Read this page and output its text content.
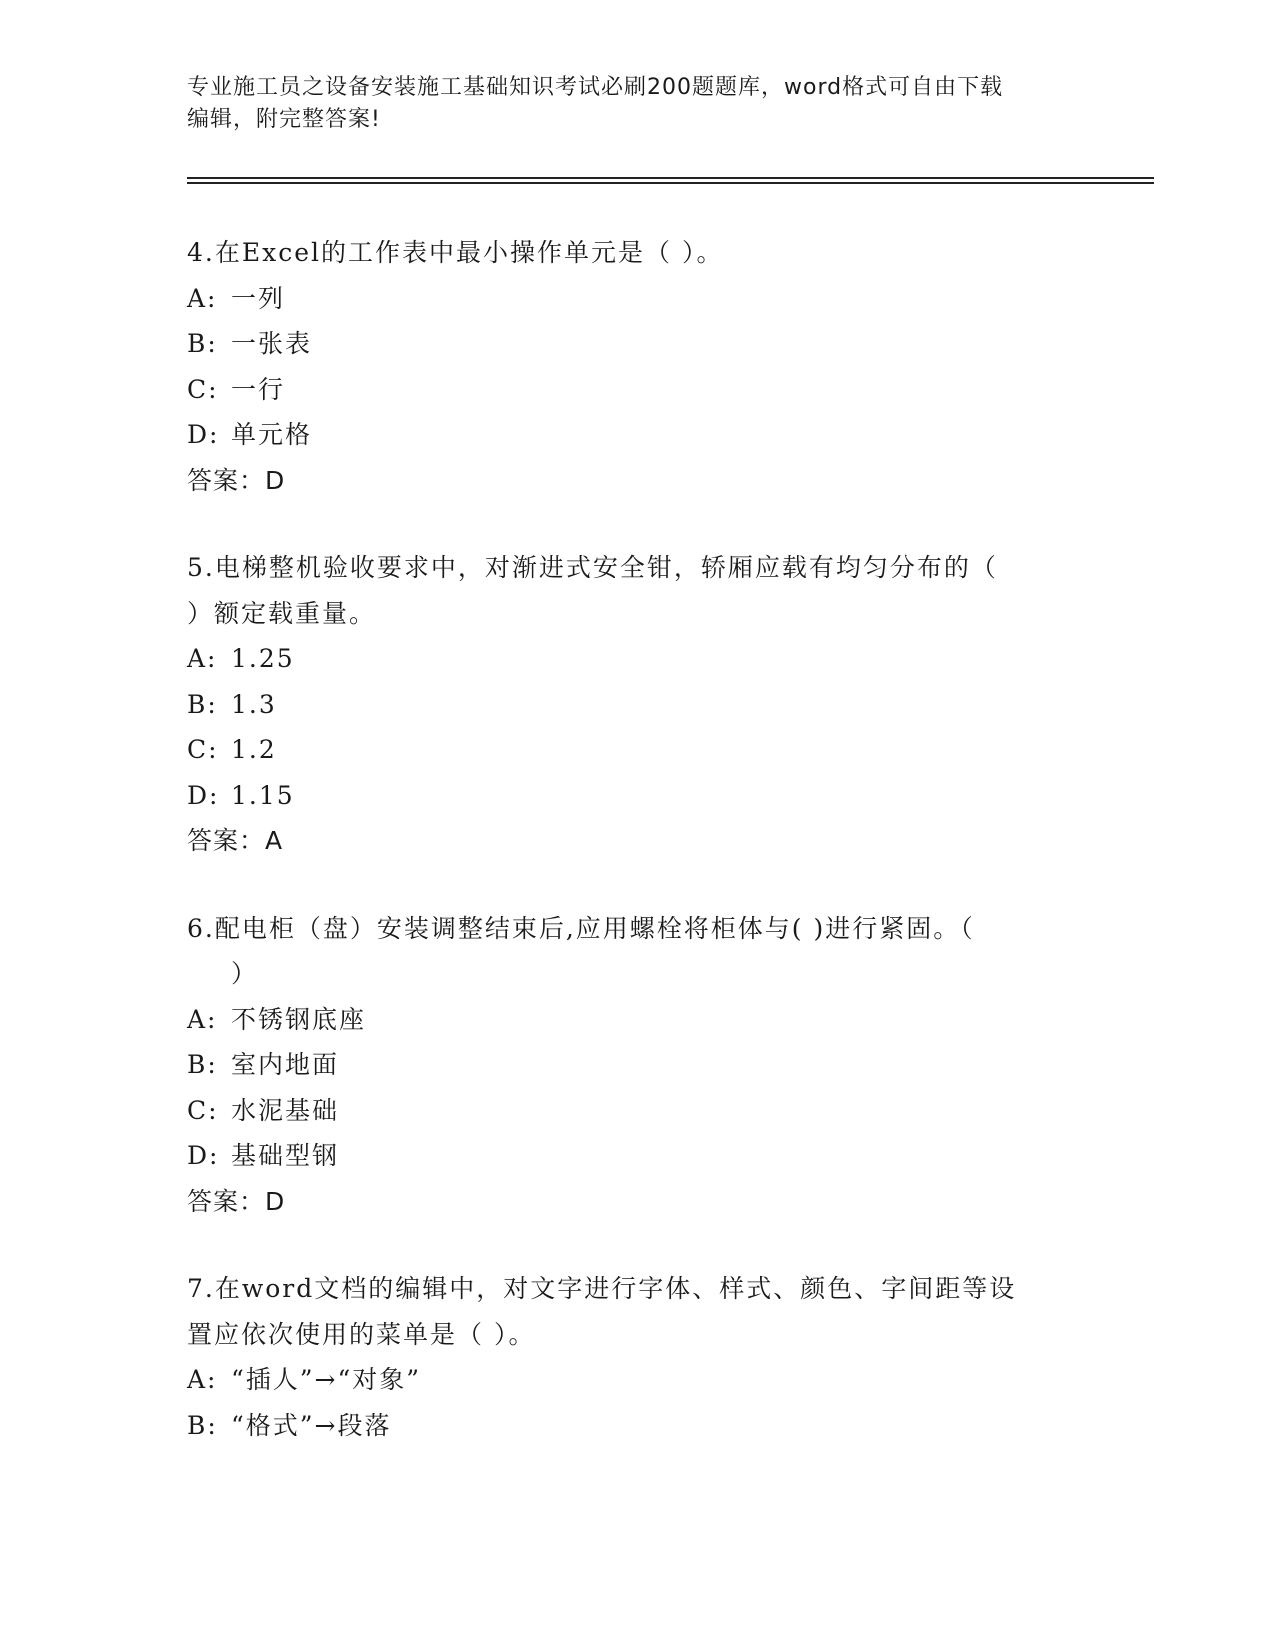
专业施工员之设备安装施工基础知识考试必刷200题题库，word格式可自由下载
编辑，附完整答案!
4.在Excel的工作表中最小操作单元是（ ）。
A: 一列
B: 一张表
C: 一行
D: 单元格
答案：D
5.电梯整机验收要求中，对渐进式安全钳，轿厢应载有均匀分布的（
）额定载重量。
A: 1.25
B: 1.3
C: 1.2
D: 1.15
答案：A
6.配电柜（盘）安装调整结束后,应用螺栓将柜体与( )进行紧固。（
）
A: 不锈钢底座
B: 室内地面
C: 水泥基础
D: 基础型钢
答案：D
7.在word文档的编辑中，对文字进行字体、样式、颜色、字间距等设
置应依次使用的菜单是（ ）。
A: “插人”→“对象”
B: “格式”→段落
